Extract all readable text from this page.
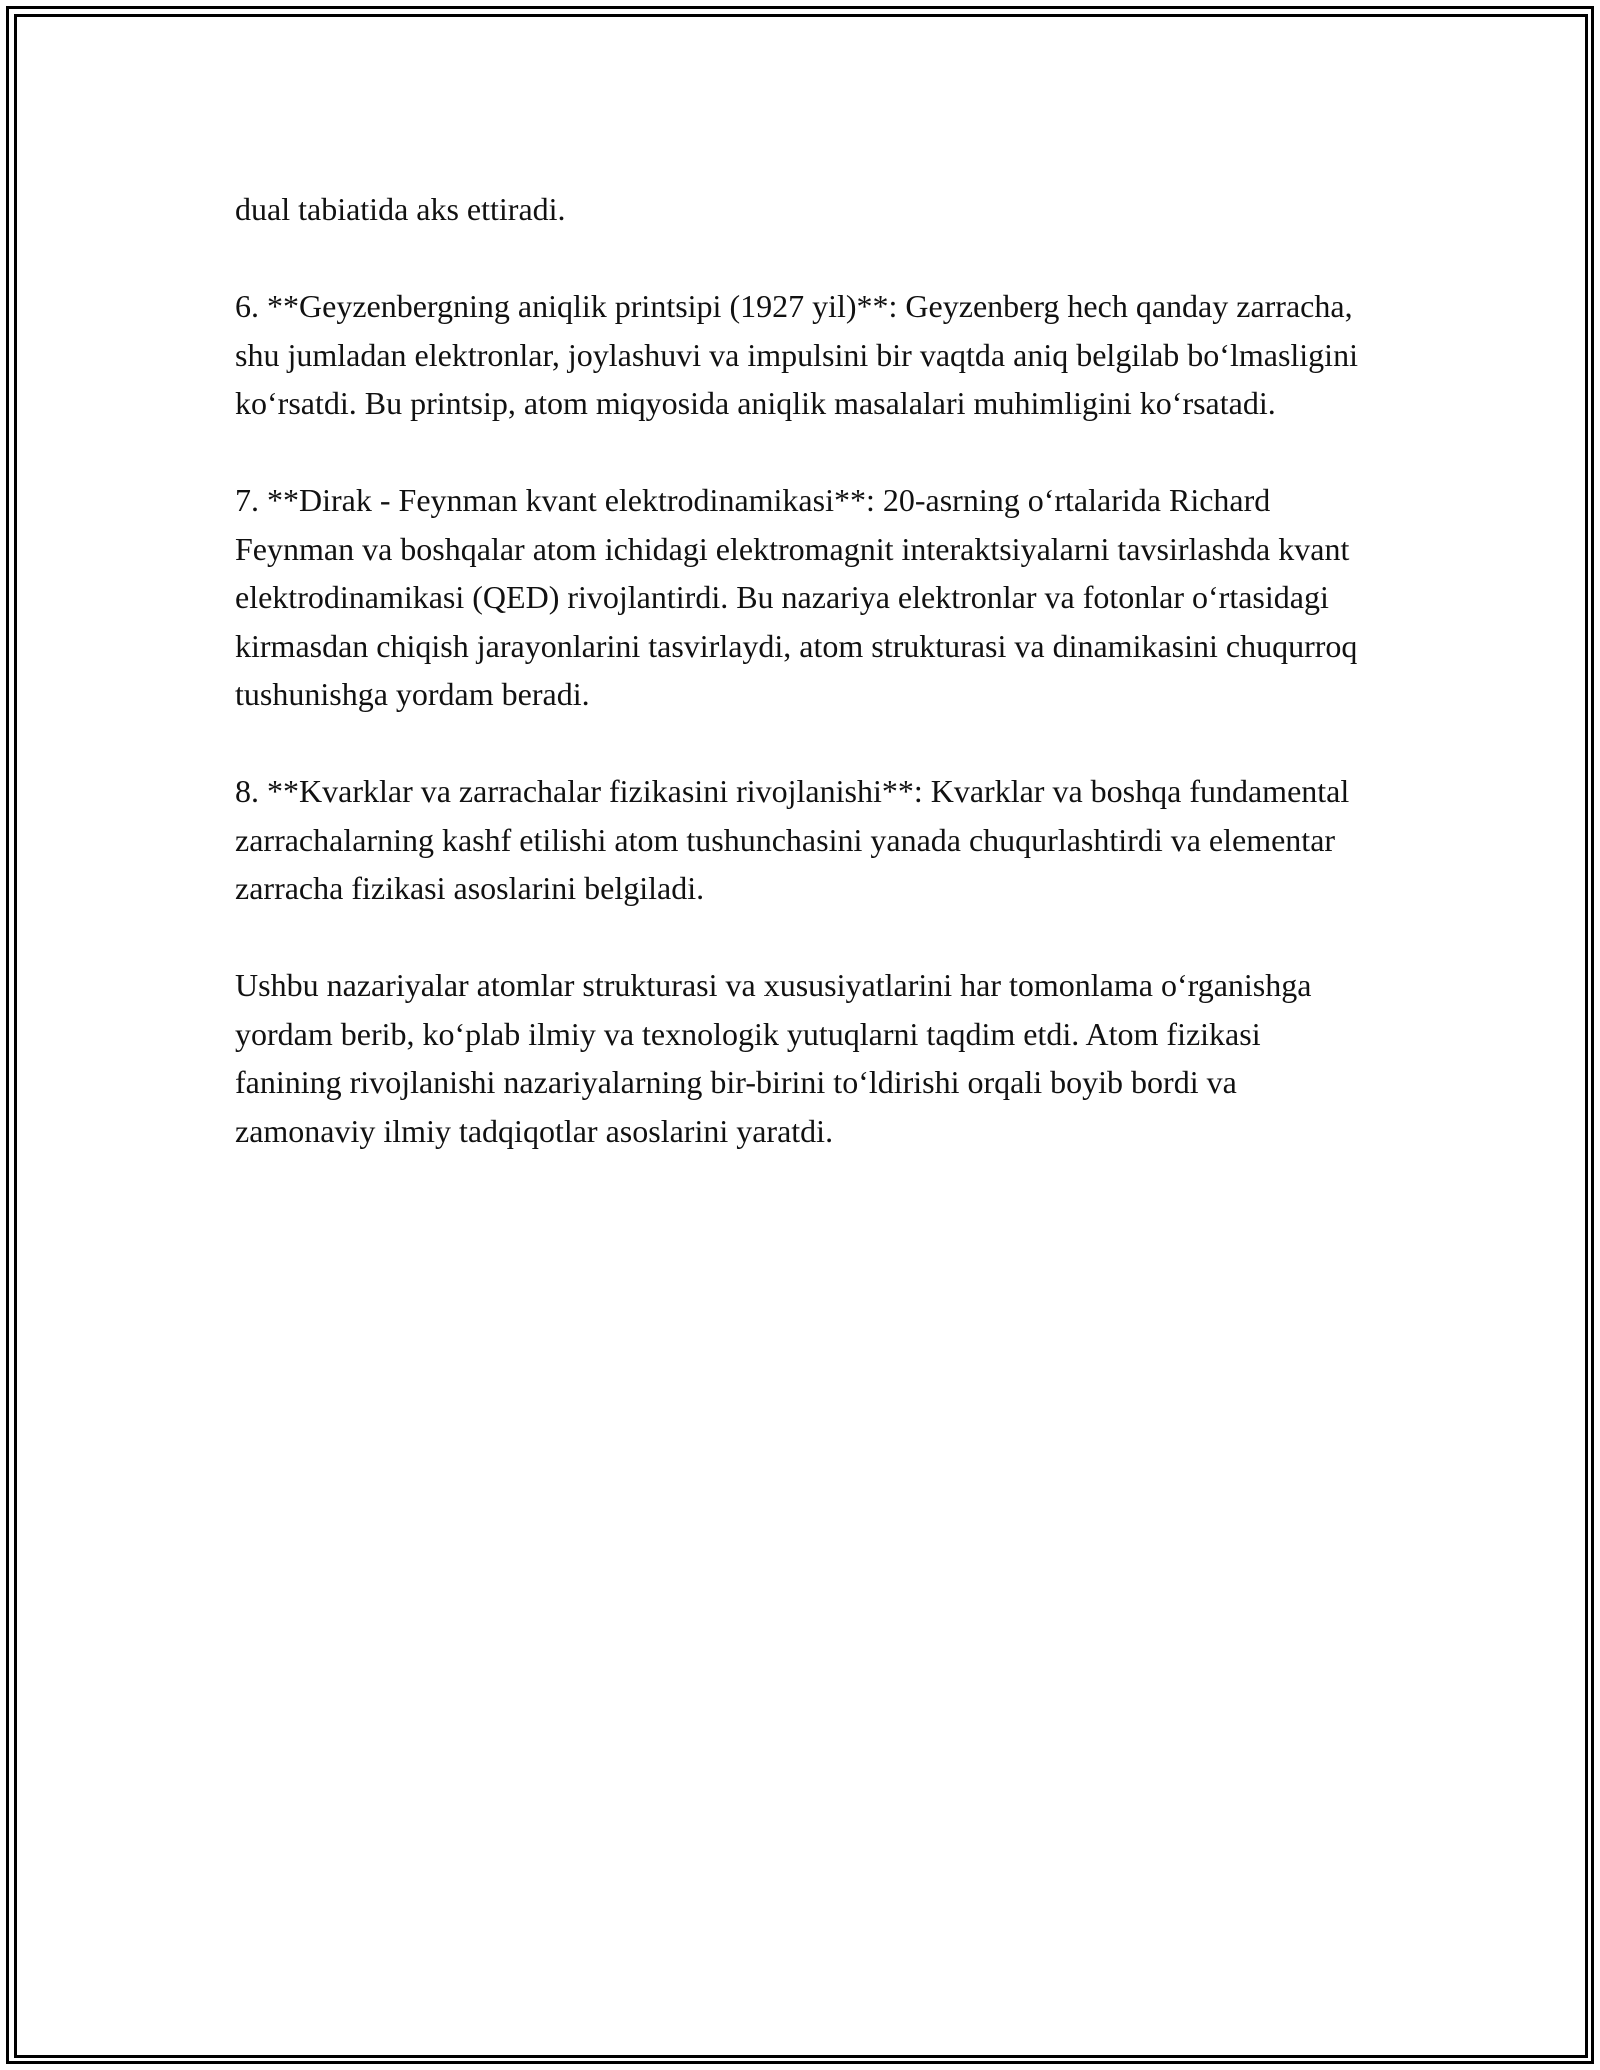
dual tabiatida aks ettiradi.

6. **Geyzenbergning aniqlik printsipi (1927 yil)**: Geyzenberg hech qanday zarracha, shu jumladan elektronlar, joylashuvi va impulsini bir vaqtda aniq belgilab bo‘lmasligini ko‘rsatdi. Bu printsip, atom miqyosida aniqlik masalalari muhimligini ko‘rsatadi.

7. **Dirak - Feynman kvant elektrodinamikasi**: 20-asrning o‘rtalarida Richard Feynman va boshqalar atom ichidagi elektromagnit interaktsiyalarni tavsirlashda kvant elektrodinamikasi (QED) rivojlantirdi. Bu nazariya elektronlar va fotonlar o‘rtasidagi kirmasdan chiqish jarayonlarini tasvirlaydi, atom strukturasi va dinamikasini chuqurroq tushunishga yordam beradi.

8. **Kvarklar va zarrachalar fizikasini rivojlanishi**: Kvarklar va boshqa fundamental zarrachalarning kashf etilishi atom tushunchasini yanada chuqurlashtirdi va elementar zarracha fizikasi asoslarini belgiladi.

Ushbu nazariyalar atomlar strukturasi va xususiyatlarini har tomonlama o‘rganishga yordam berib, ko‘plab ilmiy va texnologik yutuqlarni taqdim etdi. Atom fizikasi fanining rivojlanishi nazariyalarning bir-birini to‘ldirishi orqali boyib bordi va zamonaviy ilmiy tadqiqotlar asoslarini yaratdi.
